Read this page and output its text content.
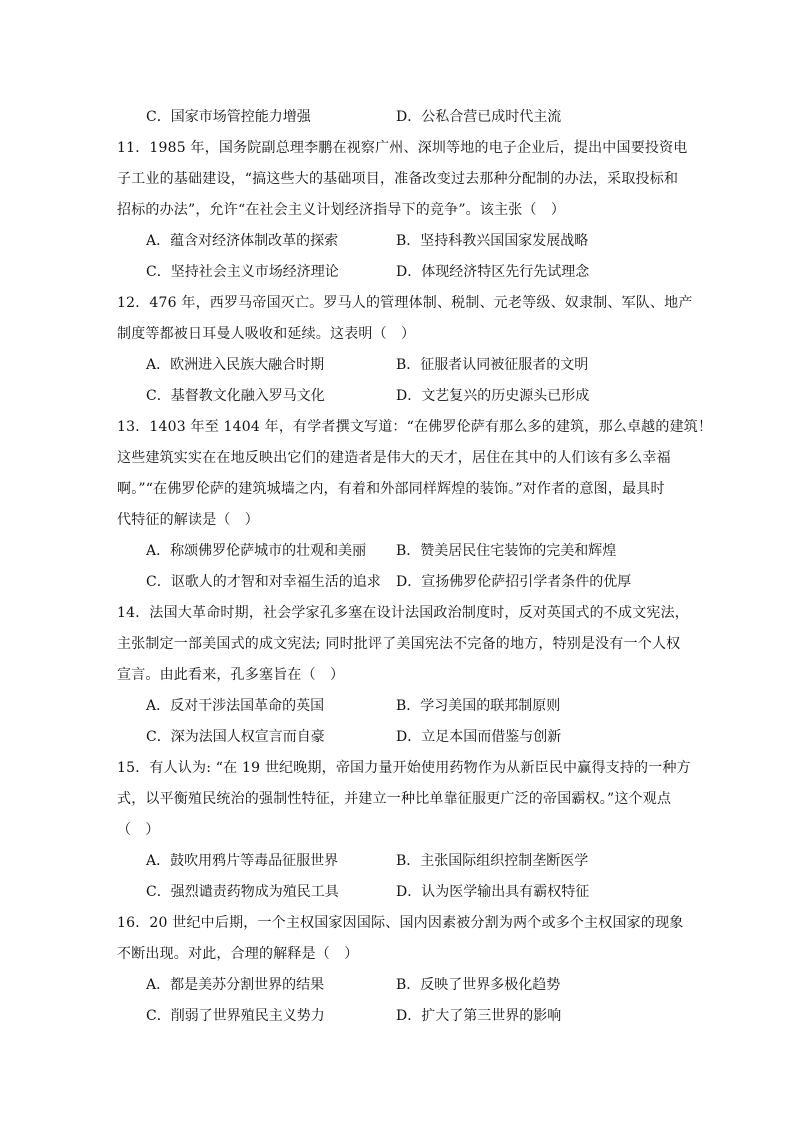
C．国家市场管控能力增强	D．公私合营已成时代主流
11．1985 年，国务院副总理李鹏在视察广州、深圳等地的电子企业后，提出中国要投资电
子工业的基础建设，“搞这些大的基础项目，准备改变过去那种分配制的办法，采取投标和
招标的办法”，允许“在社会主义计划经济指导下的竞争”。该主张（　）
A．蕴含对经济体制改革的探索	B．坚持科教兴国国家发展战略
C．坚持社会主义市场经济理论	D．体现经济特区先行先试理念
12．476 年，西罗马帝国灭亡。罗马人的管理体制、税制、元老等级、奴隶制、军队、地产
制度等都被日耳曼人吸收和延续。这表明（　）
A．欧洲进入民族大融合时期	B．征服者认同被征服者的文明
C．基督教文化融入罗马文化	D．文艺复兴的历史源头已形成
13．1403 年至 1404 年，有学者撰文写道：“在佛罗伦萨有那么多的建筑，那么卓越的建筑！
这些建筑实实在在地反映出它们的建造者是伟大的天才，居住在其中的人们该有多么幸福
啊。”“在佛罗伦萨的建筑城墙之内，有着和外部同样辉煌的装饰。”对作者的意图，最具时
代特征的解读是（　）
A．称颂佛罗伦萨城市的壮观和美丽	B．赞美居民住宅装饰的完美和辉煌
C．讴歌人的才智和对幸福生活的追求	D．宣扬佛罗伦萨招引学者条件的优厚
14．法国大革命时期，社会学家孔多塞在设计法国政治制度时，反对英国式的不成文宪法，
主张制定一部美国式的成文宪法; 同时批评了美国宪法不完备的地方，特别是没有一个人权
宣言。由此看来，孔多塞旨在（　）
A．反对干涉法国革命的英国	B．学习美国的联邦制原则
C．深为法国人权宣言而自豪	D．立足本国而借鉴与创新
15．有人认为: “在 19 世纪晚期，帝国力量开始使用药物作为从新臣民中赢得支持的一种方
式，以平衡殖民统治的强制性特征，并建立一种比单靠征服更广泛的帝国霸权。”这个观点
（　）
A．鼓吹用鸦片等毒品征服世界	B．主张国际组织控制垄断医学
C．强烈谴责药物成为殖民工具	D．认为医学输出具有霸权特征
16．20 世纪中后期，一个主权国家因国际、国内因素被分割为两个或多个主权国家的现象
不断出现。对此，合理的解释是（　）
A．都是美苏分割世界的结果	B．反映了世界多极化趋势
C．削弱了世界殖民主义势力	D．扩大了第三世界的影响
